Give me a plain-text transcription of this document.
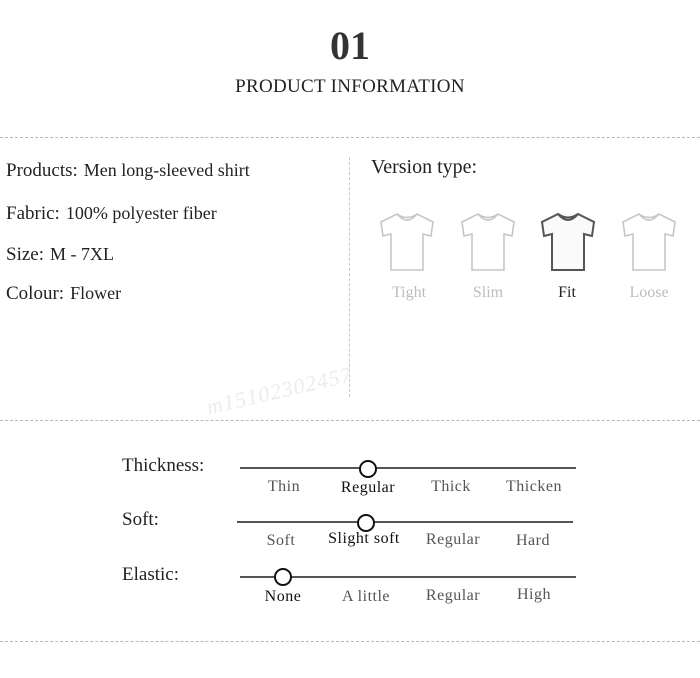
01
PRODUCT INFORMATION
Products: Men long-sleeved shirt
Fabric: 100% polyester fiber
Size: M - 7XL
Colour: Flower
Version type:
Tight	Slim	Fit	Loose
m15102302457
Thickness:
Thin	Regular	Thick	Thicken
Soft:
Soft	Slight soft	Regular	Hard
Elastic:
None	A little	Regular	High
